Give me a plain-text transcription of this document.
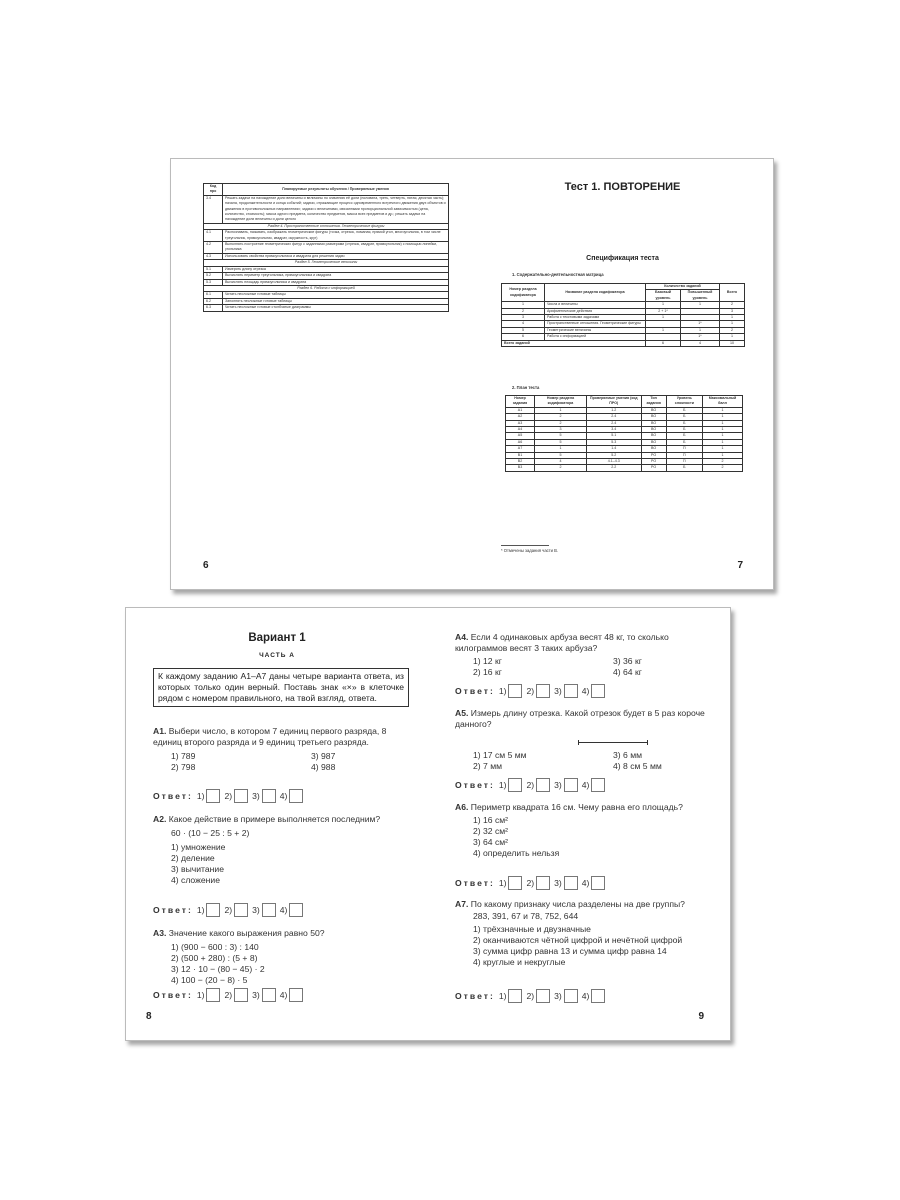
Код про	Планируемые результаты обучения / Проверяемые умения
3.4	Решать задачи на нахождение доли величины и величины по значению её доли (половина, треть, четверть, пятая, десятая часть); начала, продолжительности и конца событий; задачи, отражающие процесс одновременного встречного движения двух объектов и движения в противоположных направлениях; задачи с величинами, связанными пропорциональной зависимостью (цена, количество, стоимость); масса одного предмета, количество предметов, масса всех предметов и др.; решать задачи на нахождение доли величины и доли целого
Раздел 4. Пространственные отношения. Геометрические фигуры	
4.1	Распознавать, называть, изображать геометрические фигуры (точка, отрезок, ломаная, прямой угол, многоугольник, в том числе треугольник, прямоугольник, квадрат, окружность, круг)
4.2	Выполнять построение геометрических фигур с заданными размерами (отрезок, квадрат, прямоугольник) с помощью линейки, угольника
4.3	Использовать свойства прямоугольника и квадрата для решения задач
Раздел 5. Геометрические величины	
5.1	Измерять длину отрезка
5.2	Вычислять периметр треугольника, прямоугольника и квадрата
5.3	Вычислять площадь прямоугольника и квадрата
Раздел 6. Работа с информацией	
6.1	Читать несложные готовые таблицы
6.2	Заполнять несложные готовые таблицы
6.3	Читать несложные готовые столбчатые диаграммы
6
Тест 1. ПОВТОРЕНИЕ
Спецификация теста
1. Содержательно-деятельностная матрица
Номер раздела кодификатора	Название раздела кодификатора	Количество заданий		Всего
		Базовый уровень	Повышенный уровень	
1	Числа и величины	1	1	2
2	Арифметические действия	2 + 1*		3
3	Работа с текстовыми задачами	1		1
4	Пространственные отношения. Геометрические фигуры		1*	1
5	Геометрические величины	1	1	2
6	Работа с информацией		1*	1
Всего заданий		6	4	10
2. План теста
Номер задания	Номер раздела кодификатора	Проверяемые умения (код ПРО)	Тип задания	Уровень сложности	Максимальный балл
А1	1	1.2	ВО	Б	1
А2	2	2.4	ВО	Б	1
А3	2	2.4	ВО	Б	1
А4	3	3.4	ВО	Б	1
А5	5	5.1	ВО	Б	1
А6	5	5.3	ВО	Б	1
А7	1	1.4	ВО	П	1
В1	5	5.2	РО	П	1
В2	4	4.1–4.3	РО	П	2
В3	2	2.2	РО	Б	2
* Отмечены задания части В.
7
Вариант 1
ЧАСТЬ А
К каждому заданию А1–А7 даны четыре варианта ответа, из которых только один верный. Поставь знак «×» в клеточке рядом с номером правильного, на твой взгляд, ответа.
А1. Выбери число, в котором 7 единиц первого разряда, 8 единиц второго разряда и 9 единиц третьего разряда.
1) 789	3) 987
2) 798	4) 988
Ответ: 1) 2) 3) 4)
А2. Какое действие в примере выполняется последним?
60 · (10 − 25 : 5 + 2)
1) умножение
2) деление
3) вычитание
4) сложение
Ответ: 1) 2) 3) 4)
А3. Значение какого выражения равно 50?
1) (900 − 600 : 3) : 140
2) (500 + 280) : (5 + 8)
3) 12 · 10 − (80 − 45) · 2
4) 100 − (20 − 8) · 5
Ответ: 1) 2) 3) 4)
8
А4. Если 4 одинаковых арбуза весят 48 кг, то сколько килограммов весят 3 таких арбуза?
1) 12 кг	3) 36 кг
2) 16 кг	4) 64 кг
Ответ: 1) 2) 3) 4)
А5. Измерь длину отрезка. Какой отрезок будет в 5 раз короче данного?
1) 17 см 5 мм	3) 6 мм
2) 7 мм	4) 8 см 5 мм
Ответ: 1) 2) 3) 4)
А6. Периметр квадрата 16 см. Чему равна его площадь?
1) 16 см²
2) 32 см²
3) 64 см²
4) определить нельзя
Ответ: 1) 2) 3) 4)
А7. По какому признаку числа разделены на две группы?
283, 391, 67 и 78, 752, 644
1) трёхзначные и двузначные
2) оканчиваются чётной цифрой и нечётной цифрой
3) сумма цифр равна 13 и сумма цифр равна 14
4) круглые и некруглые
Ответ: 1) 2) 3) 4)
9
